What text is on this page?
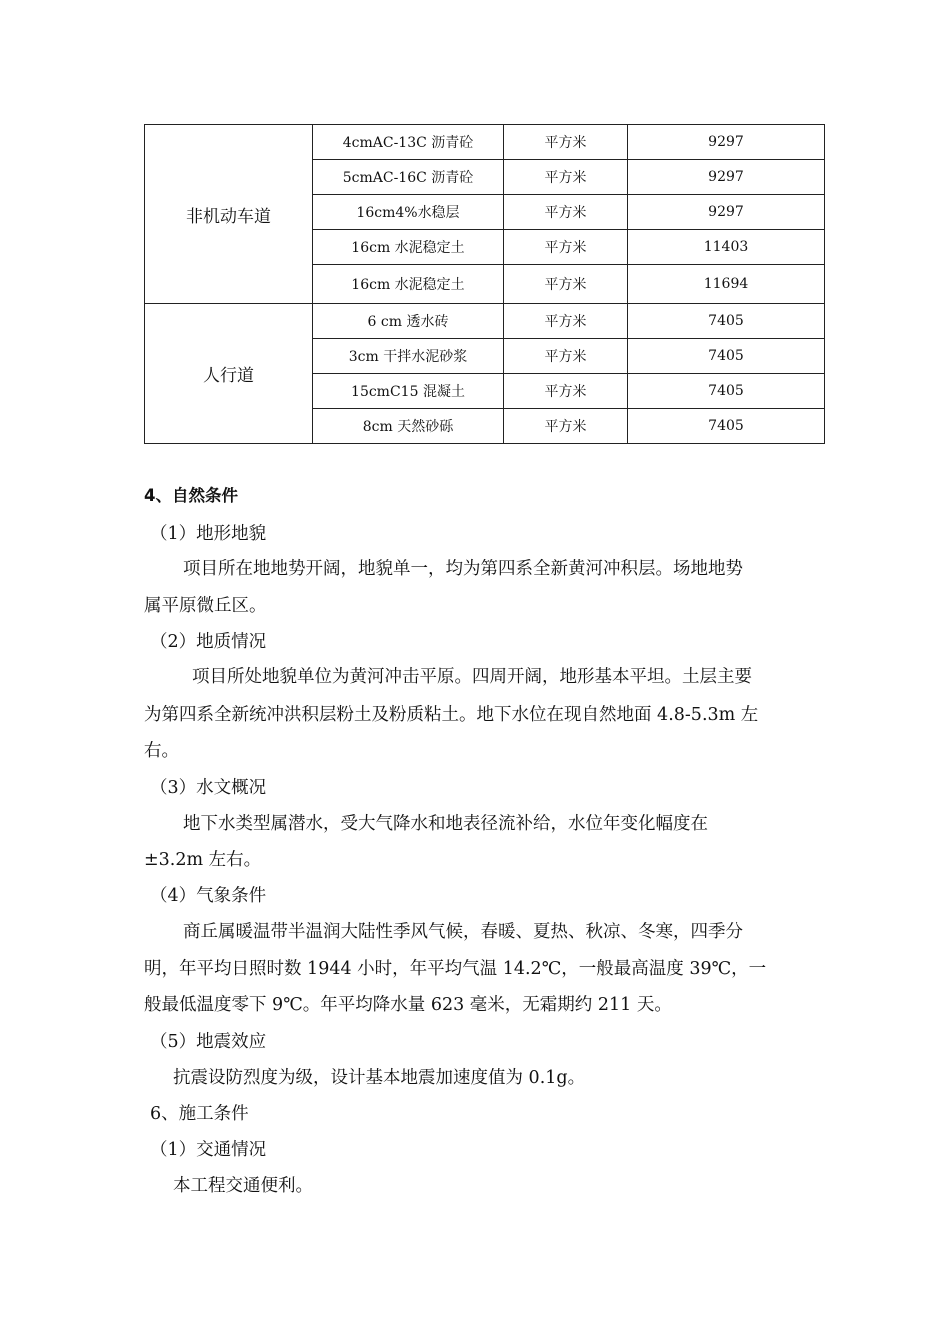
非机动车道	4cmAC-13C 沥青砼	平方米	9297
	5cmAC-16C 沥青砼	平方米	9297
	16cm4%水稳层	平方米	9297
	16cm 水泥稳定土	平方米	11403
	16cm 水泥稳定土	平方米	11694
人行道	6 cm 透水砖	平方米	7405
	3cm 干拌水泥砂浆	平方米	7405
	15cmC15 混凝土	平方米	7405
	8cm 天然砂砾	平方米	7405
4、自然条件
（1）地形地貌
项目所在地地势开阔，地貌单一，均为第四系全新黄河冲积层。场地地势
属平原微丘区。
（2）地质情况
项目所处地貌单位为黄河冲击平原。四周开阔，地形基本平坦。土层主要
为第四系全新统冲洪积层粉土及粉质粘土。地下水位在现自然地面 4.8-5.3m 左
右。
（3）水文概况
地下水类型属潜水，受大气降水和地表径流补给，水位年变化幅度在
±3.2m 左右。
（4）气象条件
商丘属暖温带半温润大陆性季风气候，春暖、夏热、秋凉、冬寒，四季分
明，年平均日照时数 1944 小时，年平均气温 14.2℃，一般最高温度 39℃，一
般最低温度零下 9℃。年平均降水量 623 毫米，无霜期约 211 天。
（5）地震效应
抗震设防烈度为级，设计基本地震加速度值为 0.1g。
6、施工条件
（1）交通情况
本工程交通便利。
